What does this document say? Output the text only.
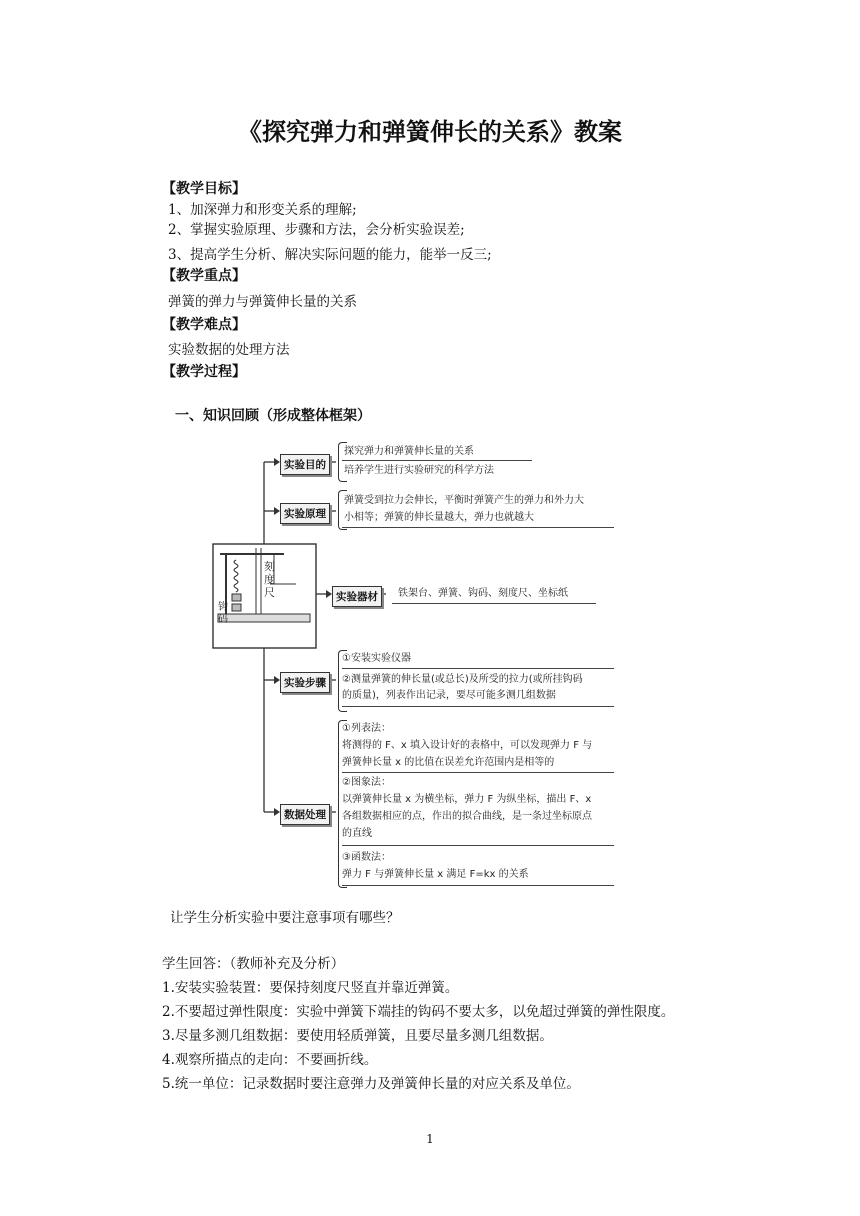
《探究弹力和弹簧伸长的关系》教案
【教学目标】
1、加深弹力和形变关系的理解;
2、掌握实验原理、步骤和方法，会分析实验误差;
3、提高学生分析、解决实际问题的能力，能举一反三;
【教学重点】
弹簧的弹力与弹簧伸长量的关系
【教学难点】
实验数据的处理方法
【教学过程】
一、知识回顾（形成整体框架）
刻度尺
钩码
实验目的
探究弹力和弹簧伸长量的关系
培养学生进行实验研究的科学方法
实验原理
弹簧受到拉力会伸长，平衡时弹簧产生的弹力和外力大
小相等；弹簧的伸长量越大，弹力也就越大
实验器材	铁架台、弹簧、钩码、刻度尺、坐标纸
实验步骤
①安装实验仪器
②测量弹簧的伸长量(或总长)及所受的拉力(或所挂钩码
的质量)，列表作出记录，要尽可能多测几组数据
数据处理
①列表法：
将测得的 F、x 填入设计好的表格中，可以发现弹力 F 与
弹簧伸长量 x 的比值在误差允许范围内是相等的
②图象法：
以弹簧伸长量 x 为横坐标，弹力 F 为纵坐标，描出 F、x
各组数据相应的点，作出的拟合曲线，是一条过坐标原点
的直线
③函数法：
弹力 F 与弹簧伸长量 x 满足 F=kx 的关系
让学生分析实验中要注意事项有哪些？
学生回答：（教师补充及分析）
1.安装实验装置：要保持刻度尺竖直并靠近弹簧。
2.不要超过弹性限度：实验中弹簧下端挂的钩码不要太多，以免超过弹簧的弹性限度。
3.尽量多测几组数据：要使用轻质弹簧，且要尽量多测几组数据。
4.观察所描点的走向：不要画折线。
5.统一单位：记录数据时要注意弹力及弹簧伸长量的对应关系及单位。
1
